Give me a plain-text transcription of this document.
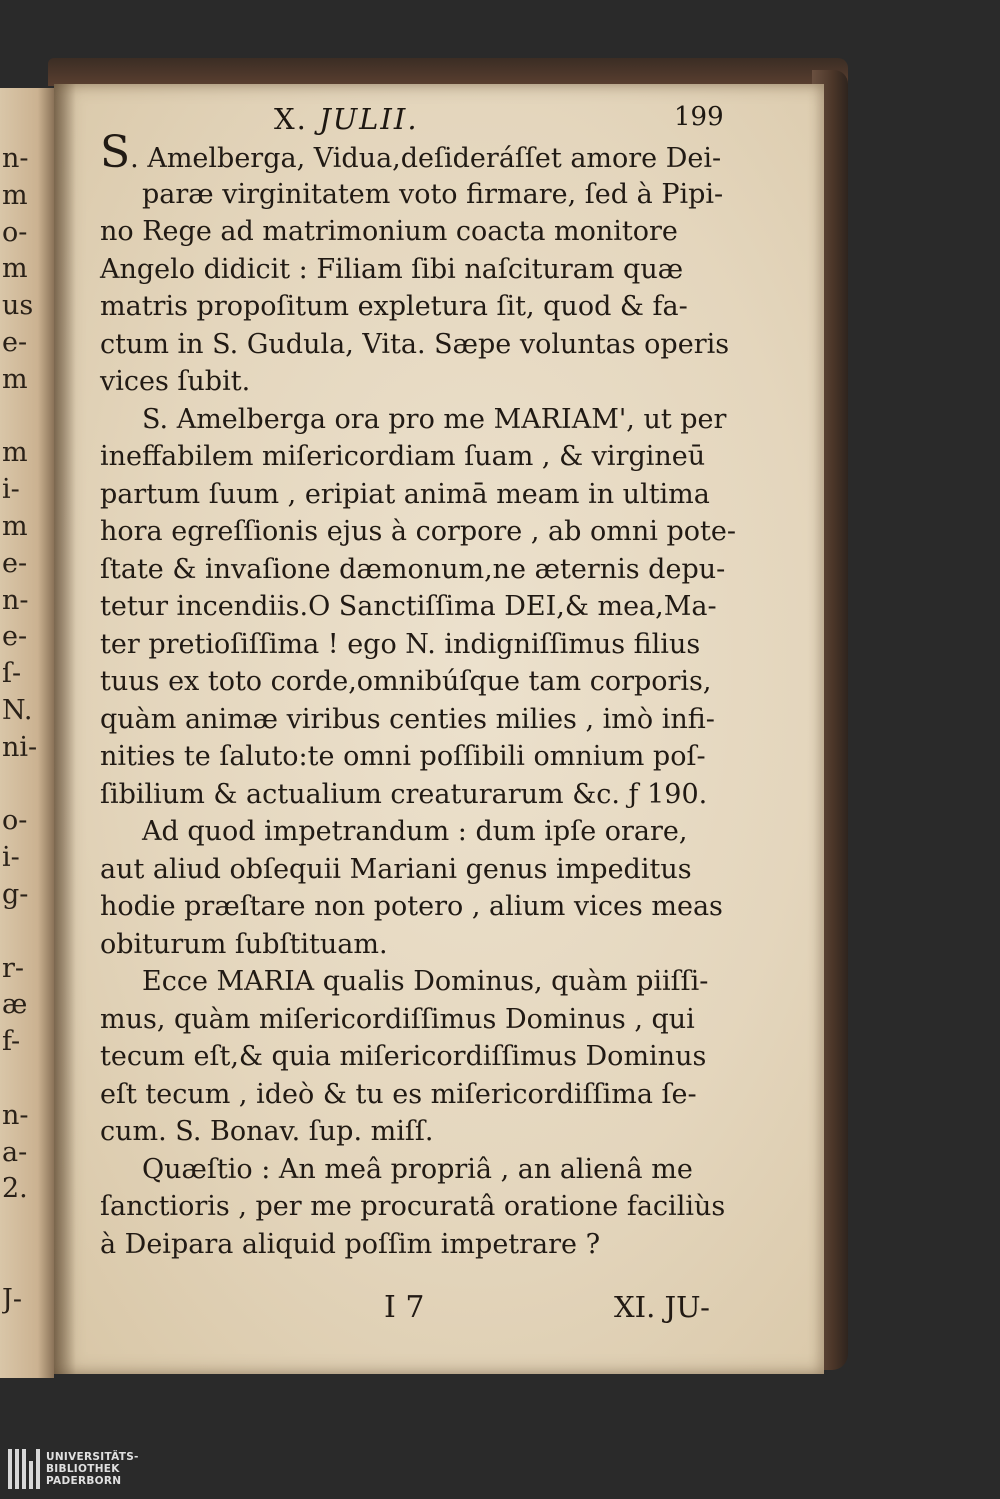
n-
m
o-
m
us
e-
m
m
i-
m
e-
n-
e-
ſ-
N.
ni-
o-
i-
g-
r-
æ
f-
n-
a-
2.
J-
X. JULII.	199
S. Amelberga, Vidua,deſideráſſet amore Dei-
paræ virginitatem voto firmare, ſed à Pipi-
no Rege ad matrimonium coacta monitore
Angelo didicit : Filiam ſibi naſcituram quæ
matris propoſitum expletura ſit, quod & fa-
ctum in S. Gudula, Vita. Sæpe voluntas operis
vices ſubit.
S. Amelberga ora pro me MARIAM', ut per
ineffabilem miſericordiam ſuam , & virgineū
partum ſuum , eripiat animā meam in ultima
hora egreſſionis ejus à corpore , ab omni pote-
ſtate & invaſione dæmonum,ne æternis depu-
tetur incendiis.O Sanctiſſima DEI,& mea,Ma-
ter pretioſiſſima ! ego N. indigniſſimus filius
tuus ex toto corde,omnibúſque tam corporis,
quàm animæ viribus centies milies , imò infi-
nities te ſaluto:te omni poſſibili omnium poſ-
ſibilium & actualium creaturarum &c. ƒ 190.
Ad quod impetrandum : dum ipſe orare,
aut aliud obſequii Mariani genus impeditus
hodie præſtare non potero , alium vices meas
obiturum ſubſtituam.
Ecce MARIA qualis Dominus, quàm piiſſi-
mus, quàm miſericordiſſimus Dominus , qui
tecum eſt,& quia miſericordiſſimus Dominus
eſt tecum , ideò & tu es miſericordiſſima ſe-
cum. S. Bonav. ſup. miſſ.
Quæſtio : An meâ propriâ , an alienâ me
ſanctioris , per me procuratâ oratione faciliùs
à Deipara aliquid poſſim impetrare ?
I 7	XI. JU-
UNIVERSITÄTS-
BIBLIOTHEK
PADERBORN
